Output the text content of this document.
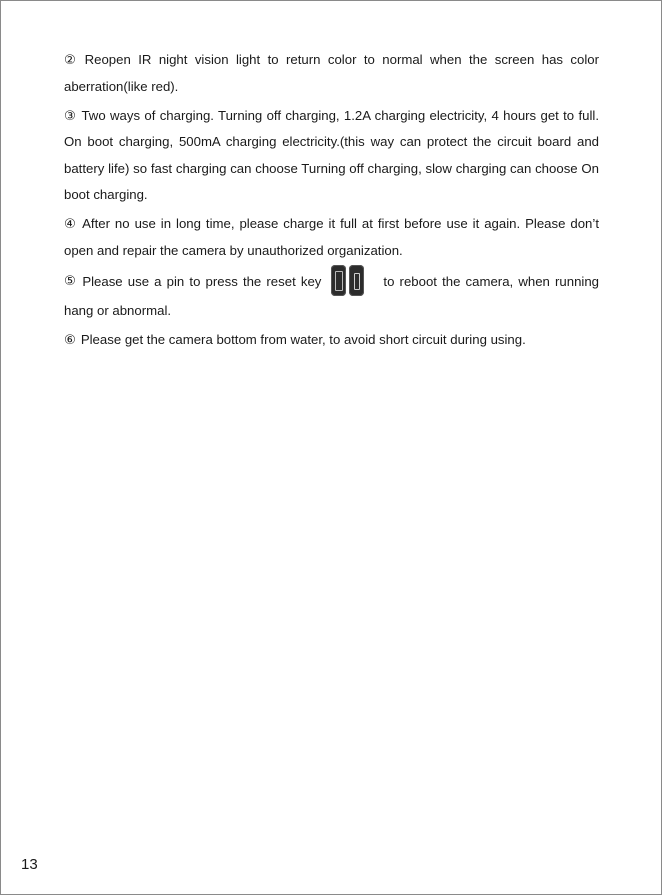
② Reopen IR night vision light to return color to normal when the screen has color aberration(like red).

③ Two ways of charging. Turning off charging, 1.2A charging electricity, 4 hours get to full. On boot charging, 500mA charging electricity.(this way can protect the circuit board and battery life) so fast charging can choose Turning off charging, slow charging can choose On boot charging.

④ After no use in long time, please charge it full at first before use it again. Please don’t open and repair the camera by unauthorized organization.

⑤ Please use a pin to press the reset key	to reboot the camera, when running hang or abnormal.

⑥ Please get the camera bottom from water, to avoid short circuit during using.

13
